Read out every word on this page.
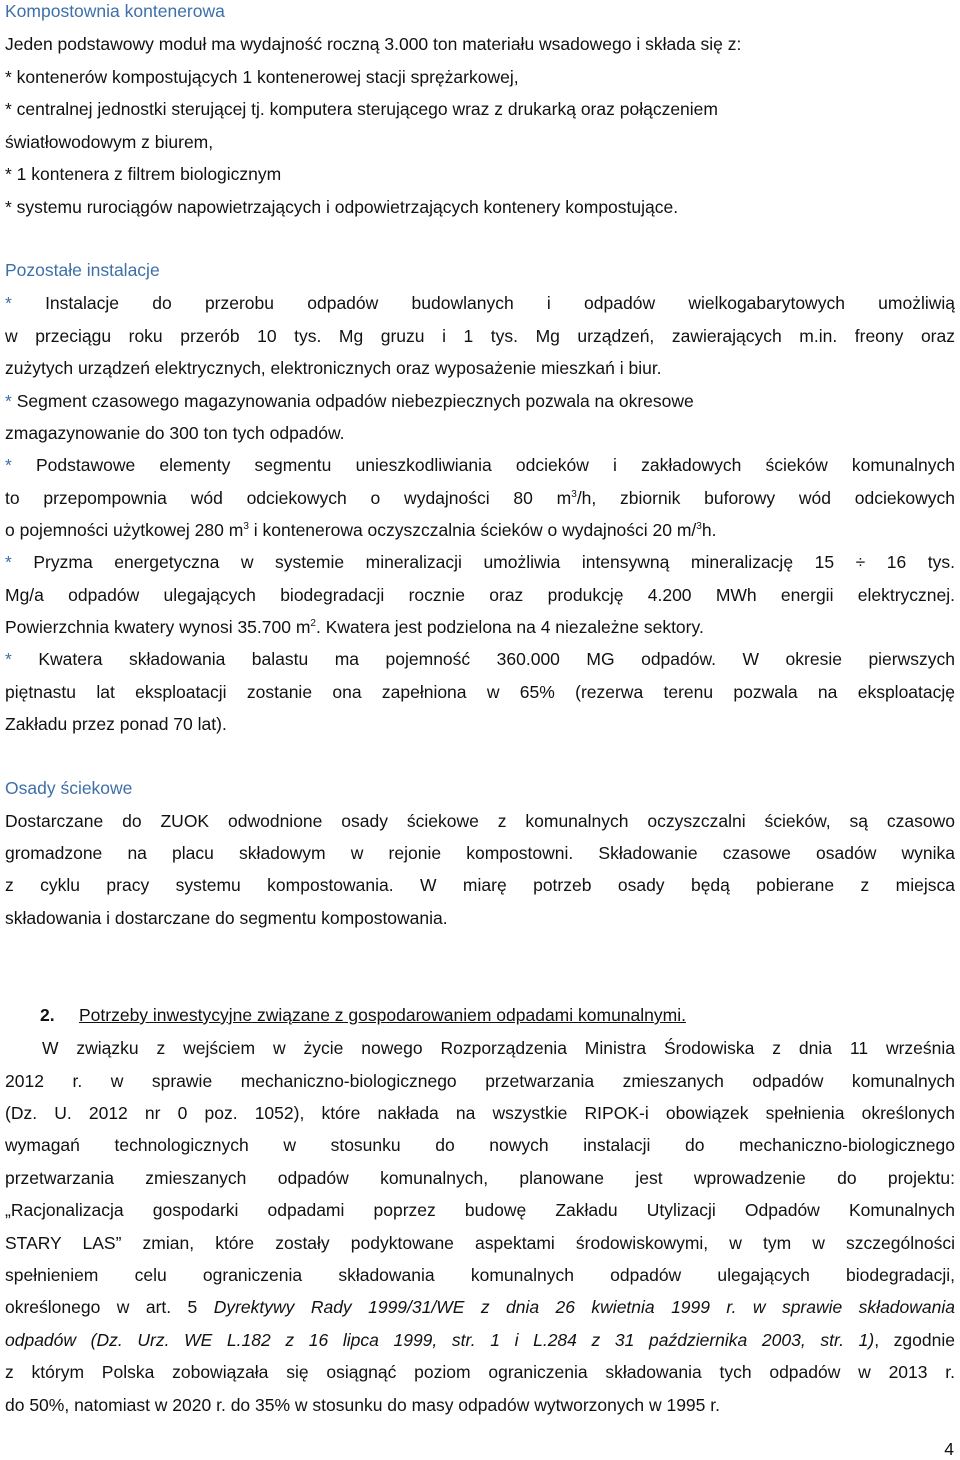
Kompostownia kontenerowa
Jeden podstawowy moduł ma wydajność roczną 3.000 ton materiału wsadowego i składa się z:
* kontenerów kompostujących 1 kontenerowej stacji sprężarkowej,
* centralnej jednostki sterującej tj. komputera sterującego wraz z drukarką oraz połączeniem
światłowodowym z biurem,
* 1 kontenera z filtrem biologicznym
* systemu rurociągów napowietrzających i odpowietrzających kontenery kompostujące.
Pozostałe instalacje
* Instalacje do przerobu odpadów budowlanych i odpadów wielkogabarytowych umożliwią
w przeciągu roku przerób 10 tys. Mg gruzu i 1 tys. Mg urządzeń, zawierających m.in. freony oraz
zużytych urządzeń elektrycznych, elektronicznych oraz wyposażenie mieszkań i biur.
* Segment czasowego magazynowania odpadów niebezpiecznych pozwala na okresowe
zmagazynowanie do 300 ton tych odpadów.
* Podstawowe elementy segmentu unieszkodliwiania odcieków i zakładowych ścieków komunalnych
to przepompownia wód odciekowych o wydajności 80 $m^3/h$, zbiornik buforowy wód odciekowych
o pojemności użytkowej 280 $m^3$ i kontenerowa oczyszczalnia ścieków o wydajności 20 m/$^3$h.
* Pryzma energetyczna w systemie mineralizacji umożliwia intensywną mineralizację 15 ÷ 16 tys.
Mg/a odpadów ulegających biodegradacji rocznie oraz produkcję 4.200 MWh energii elektrycznej.
Powierzchnia kwatery wynosi 35.700 $m^2$. Kwatera jest podzielona na 4 niezależne sektory.
* Kwatera składowania balastu ma pojemność 360.000 MG odpadów. W okresie pierwszych
piętnastu lat eksploatacji zostanie ona zapełniona w 65% (rezerwa terenu pozwala na eksploatację
Zakładu przez ponad 70 lat).
Osady ściekowe
Dostarczane do ZUOK odwodnione osady ściekowe z komunalnych oczyszczalni ścieków, są czasowo
gromadzone na placu składowym w rejonie kompostowni. Składowanie czasowe osadów wynika
z cyklu pracy systemu kompostowania. W miarę potrzeb osady będą pobierane z miejsca
składowania i dostarczane do segmentu kompostowania.
2. Potrzeby inwestycyjne związane z gospodarowaniem odpadami komunalnymi.
W związku z wejściem w życie nowego Rozporządzenia Ministra Środowiska z dnia 11 września
2012 r. w sprawie mechaniczno-biologicznego przetwarzania zmieszanych odpadów komunalnych
(Dz. U. 2012 nr 0 poz. 1052), które nakłada na wszystkie RIPOK-i obowiązek spełnienia określonych
wymagań technologicznych w stosunku do nowych instalacji do mechaniczno-biologicznego
przetwarzania zmieszanych odpadów komunalnych, planowane jest wprowadzenie do projektu:
„Racjonalizacja gospodarki odpadami poprzez budowę Zakładu Utylizacji Odpadów Komunalnych
STARY LAS” zmian, które zostały podyktowane aspektami środowiskowymi, w tym w szczególności
spełnieniem celu ograniczenia składowania komunalnych odpadów ulegających biodegradacji,
określonego w art. 5 Dyrektywy Rady 1999/31/WE z dnia 26 kwietnia 1999 r. w sprawie składowania
odpadów (Dz. Urz. WE L.182 z 16 lipca 1999, str. 1 i L.284 z 31 października 2003, str. 1), zgodnie
z którym Polska zobowiązała się osiągnąć poziom ograniczenia składowania tych odpadów w 2013 r.
do 50%, natomiast w 2020 r. do 35% w stosunku do masy odpadów wytworzonych w 1995 r.
4
